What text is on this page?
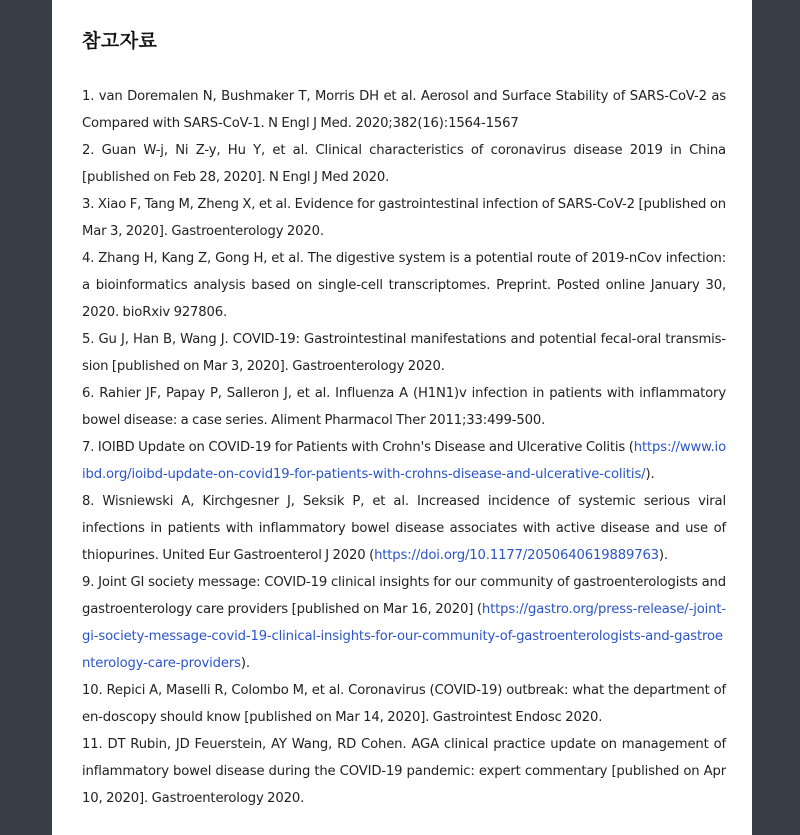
참고자료
1. van Doremalen N, Bushmaker T, Morris DH et al. Aerosol and Surface Stability of SARS-CoV-2 as Compared with SARS-CoV-1. N Engl J Med. 2020;382(16):1564-1567
2. Guan W-j, Ni Z-y, Hu Y, et al. Clinical characteristics of coronavirus disease 2019 in China [published on Feb 28, 2020]. N Engl J Med 2020.
3. Xiao F, Tang M, Zheng X, et al. Evidence for gastrointestinal infection of SARS-CoV-2 [published on Mar 3, 2020]. Gastroenterology 2020.
4. Zhang H, Kang Z, Gong H, et al. The digestive system is a potential route of 2019-nCov infection: a bioinformatics analysis based on single-cell transcriptomes. Preprint. Posted online January 30, 2020. bioRxiv 927806.
5. Gu J, Han B, Wang J. COVID-19: Gastrointestinal manifestations and potential fecal-oral transmis-sion [published on Mar 3, 2020]. Gastroenterology 2020.
6. Rahier JF, Papay P, Salleron J, et al. Influenza A (H1N1)v infection in patients with inflammatory bowel disease: a case series. Aliment Pharmacol Ther 2011;33:499-500.
7. IOIBD Update on COVID-19 for Patients with Crohn's Disease and Ulcerative Colitis (https://www.ioibd.org/ioibd-update-on-covid19-for-patients-with-crohns-disease-and-ulcerative-colitis/).
8. Wisniewski A, Kirchgesner J, Seksik P, et al. Increased incidence of systemic serious viral infections in patients with inflammatory bowel disease associates with active disease and use of thiopurines. United Eur Gastroenterol J 2020 (https://doi.org/10.1177/2050640619889763).
9. Joint GI society message: COVID-19 clinical insights for our community of gastroenterologists and gastroenterology care providers [published on Mar 16, 2020] (https://gastro.org/press-release/-joint-gi-society-message-covid-19-clinical-insights-for-our-community-of-gastroenterologists-and-gastroenterology-care-providers).
10. Repici A, Maselli R, Colombo M, et al. Coronavirus (COVID-19) outbreak: what the department of en-doscopy should know [published on Mar 14, 2020]. Gastrointest Endosc 2020.
11. DT Rubin, JD Feuerstein, AY Wang, RD Cohen. AGA clinical practice update on management of inflammatory bowel disease during the COVID-19 pandemic: expert commentary [published on Apr 10, 2020]. Gastroenterology 2020.
